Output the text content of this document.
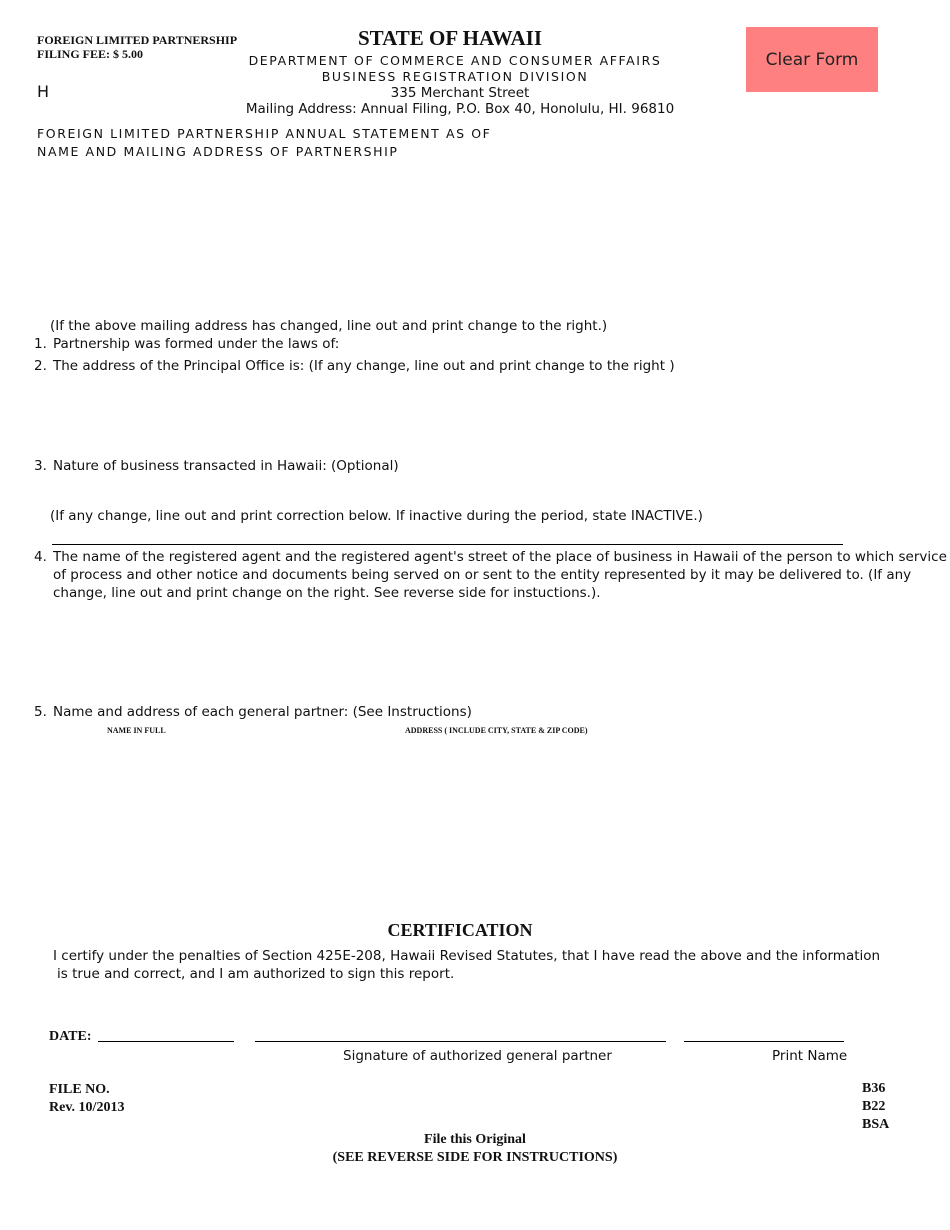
FOREIGN LIMITED PARTNERSHIP
FILING FEE: $ 5.00
H
STATE OF HAWAII
DEPARTMENT OF COMMERCE AND CONSUMER AFFAIRS
BUSINESS REGISTRATION DIVISION
335 Merchant Street
Mailing Address: Annual Filing, P.O. Box 40, Honolulu, HI. 96810
Clear Form
FOREIGN LIMITED PARTNERSHIP ANNUAL STATEMENT AS OF
NAME AND MAILING ADDRESS OF PARTNERSHIP
(If the above mailing address has changed, line out and print change to the right.)
1. Partnership was formed under the laws of:
2. The address of the Principal Office is: (If any change, line out and print change to the right )
3. Nature of business transacted in Hawaii: (Optional)
(If any change, line out and print correction below. If inactive during the period, state INACTIVE.)
4. The name of the registered agent and the registered agent's street of the place of business in Hawaii of the person to which service
of process and other notice and documents being served on or sent to the entity represented by it may be delivered to. (If any
change, line out and print change on the right. See reverse side for instuctions.).
5. Name and address of each general partner: (See Instructions)
NAME IN FULL	ADDRESS ( INCLUDE CITY, STATE & ZIP CODE)
CERTIFICATION
I certify under the penalties of Section 425E-208, Hawaii Revised Statutes, that I have read the above and the information
is true and correct, and I am authorized to sign this report.
DATE:
Signature of authorized general partner	Print Name
FILE NO.
Rev. 10/2013
B36
B22
BSA
File this Original
(SEE REVERSE SIDE FOR INSTRUCTIONS)
